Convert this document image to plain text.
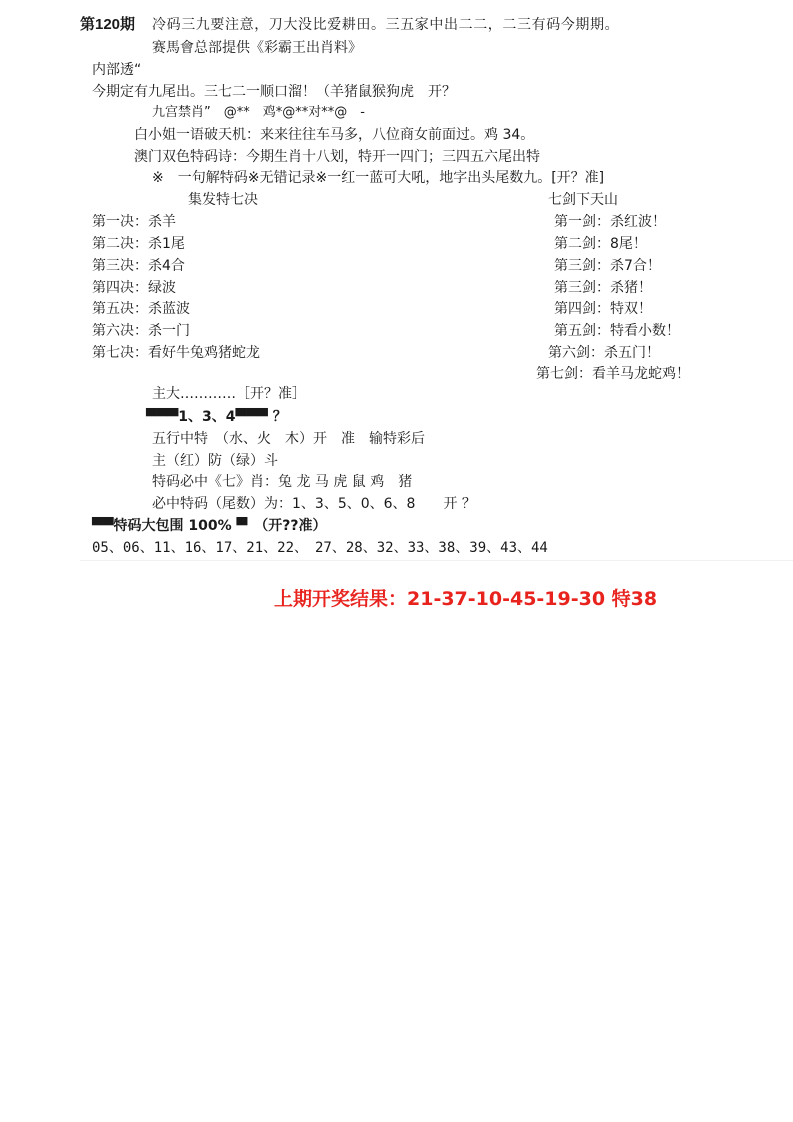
第120期 冷码三九要注意，刀大没比爱耕田。三五家中出二二，二三有码今期期。
赛馬會总部提供《彩霸王出肖料》
内部透“
今期定有九尾出。三七二一顺口溜！（羊猪鼠猴狗虎　开？
九宫禁肖”　@**　鸡*@**对**@　-
白小姐一语破天机：来来往往车马多，八位商女前面过。鸡 34。
澳门双色特码诗：今期生肖十八划，特开一四门；三四五六尾出特
※　一句解特码※无错记录※一红一蓝可大吼，地字出头尾数九。[开？准]
集发特七决	七剑下天山
第一决：杀羊
第二决：杀1尾
第三决：杀4合
第四决：绿波
第五决：杀蓝波
第六决：杀一门
第七决：看好牛兔鸡猪蛇龙
第一剑：杀红波！
第二剑：8尾！
第三剑：杀7合！
第三剑：杀猪！
第四剑：特双！
第五剑：特看小数！
第六剑：杀五门！
第七剑：看羊马龙蛇鸡！
主大…………［开？准］
▀▀▀1、3、4▀▀▀ ？
五行中特　（水、火　木）开　准　输特彩后
主（红）防（绿）斗
特码必中《七》肖：兔 龙 马 虎 鼠 鸡　猪
必中特码（尾数）为：1、3、5、0、6、8　　开 ？
▀▀特码大包围 100% ▀　（开??准）
05、06、11、16、17、21、22、　27、28、32、33、38、39、43、44
上期开奖结果：21-37-10-45-19-30 特38
